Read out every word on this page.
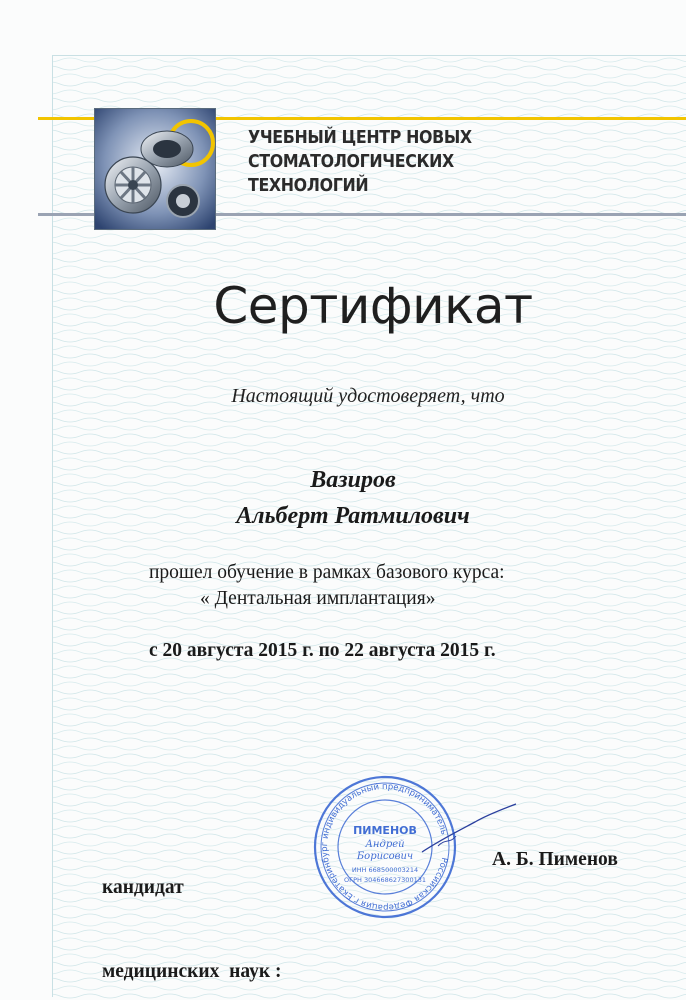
УЧЕБНЫЙ ЦЕНТР НОВЫХ
СТОМАТОЛОГИЧЕСКИХ
ТЕХНОЛОГИЙ
Сертификат
Настоящий удостоверяет, что
Вазиров
Альберт Ратмилович
прошел обучение в рамках базового курса:
« Дентальная имплантация»
с 20 августа 2015 г. по 22 августа 2015 г.

кандидат

медицинских  наук :

Российская Федерация г.Екатеринбург индивидуальный предприниматель
ПИМЕНОВ
Андрей
Борисович
ИНН 668500003214
ОГРН 304668627300131
А. Б. Пименов
